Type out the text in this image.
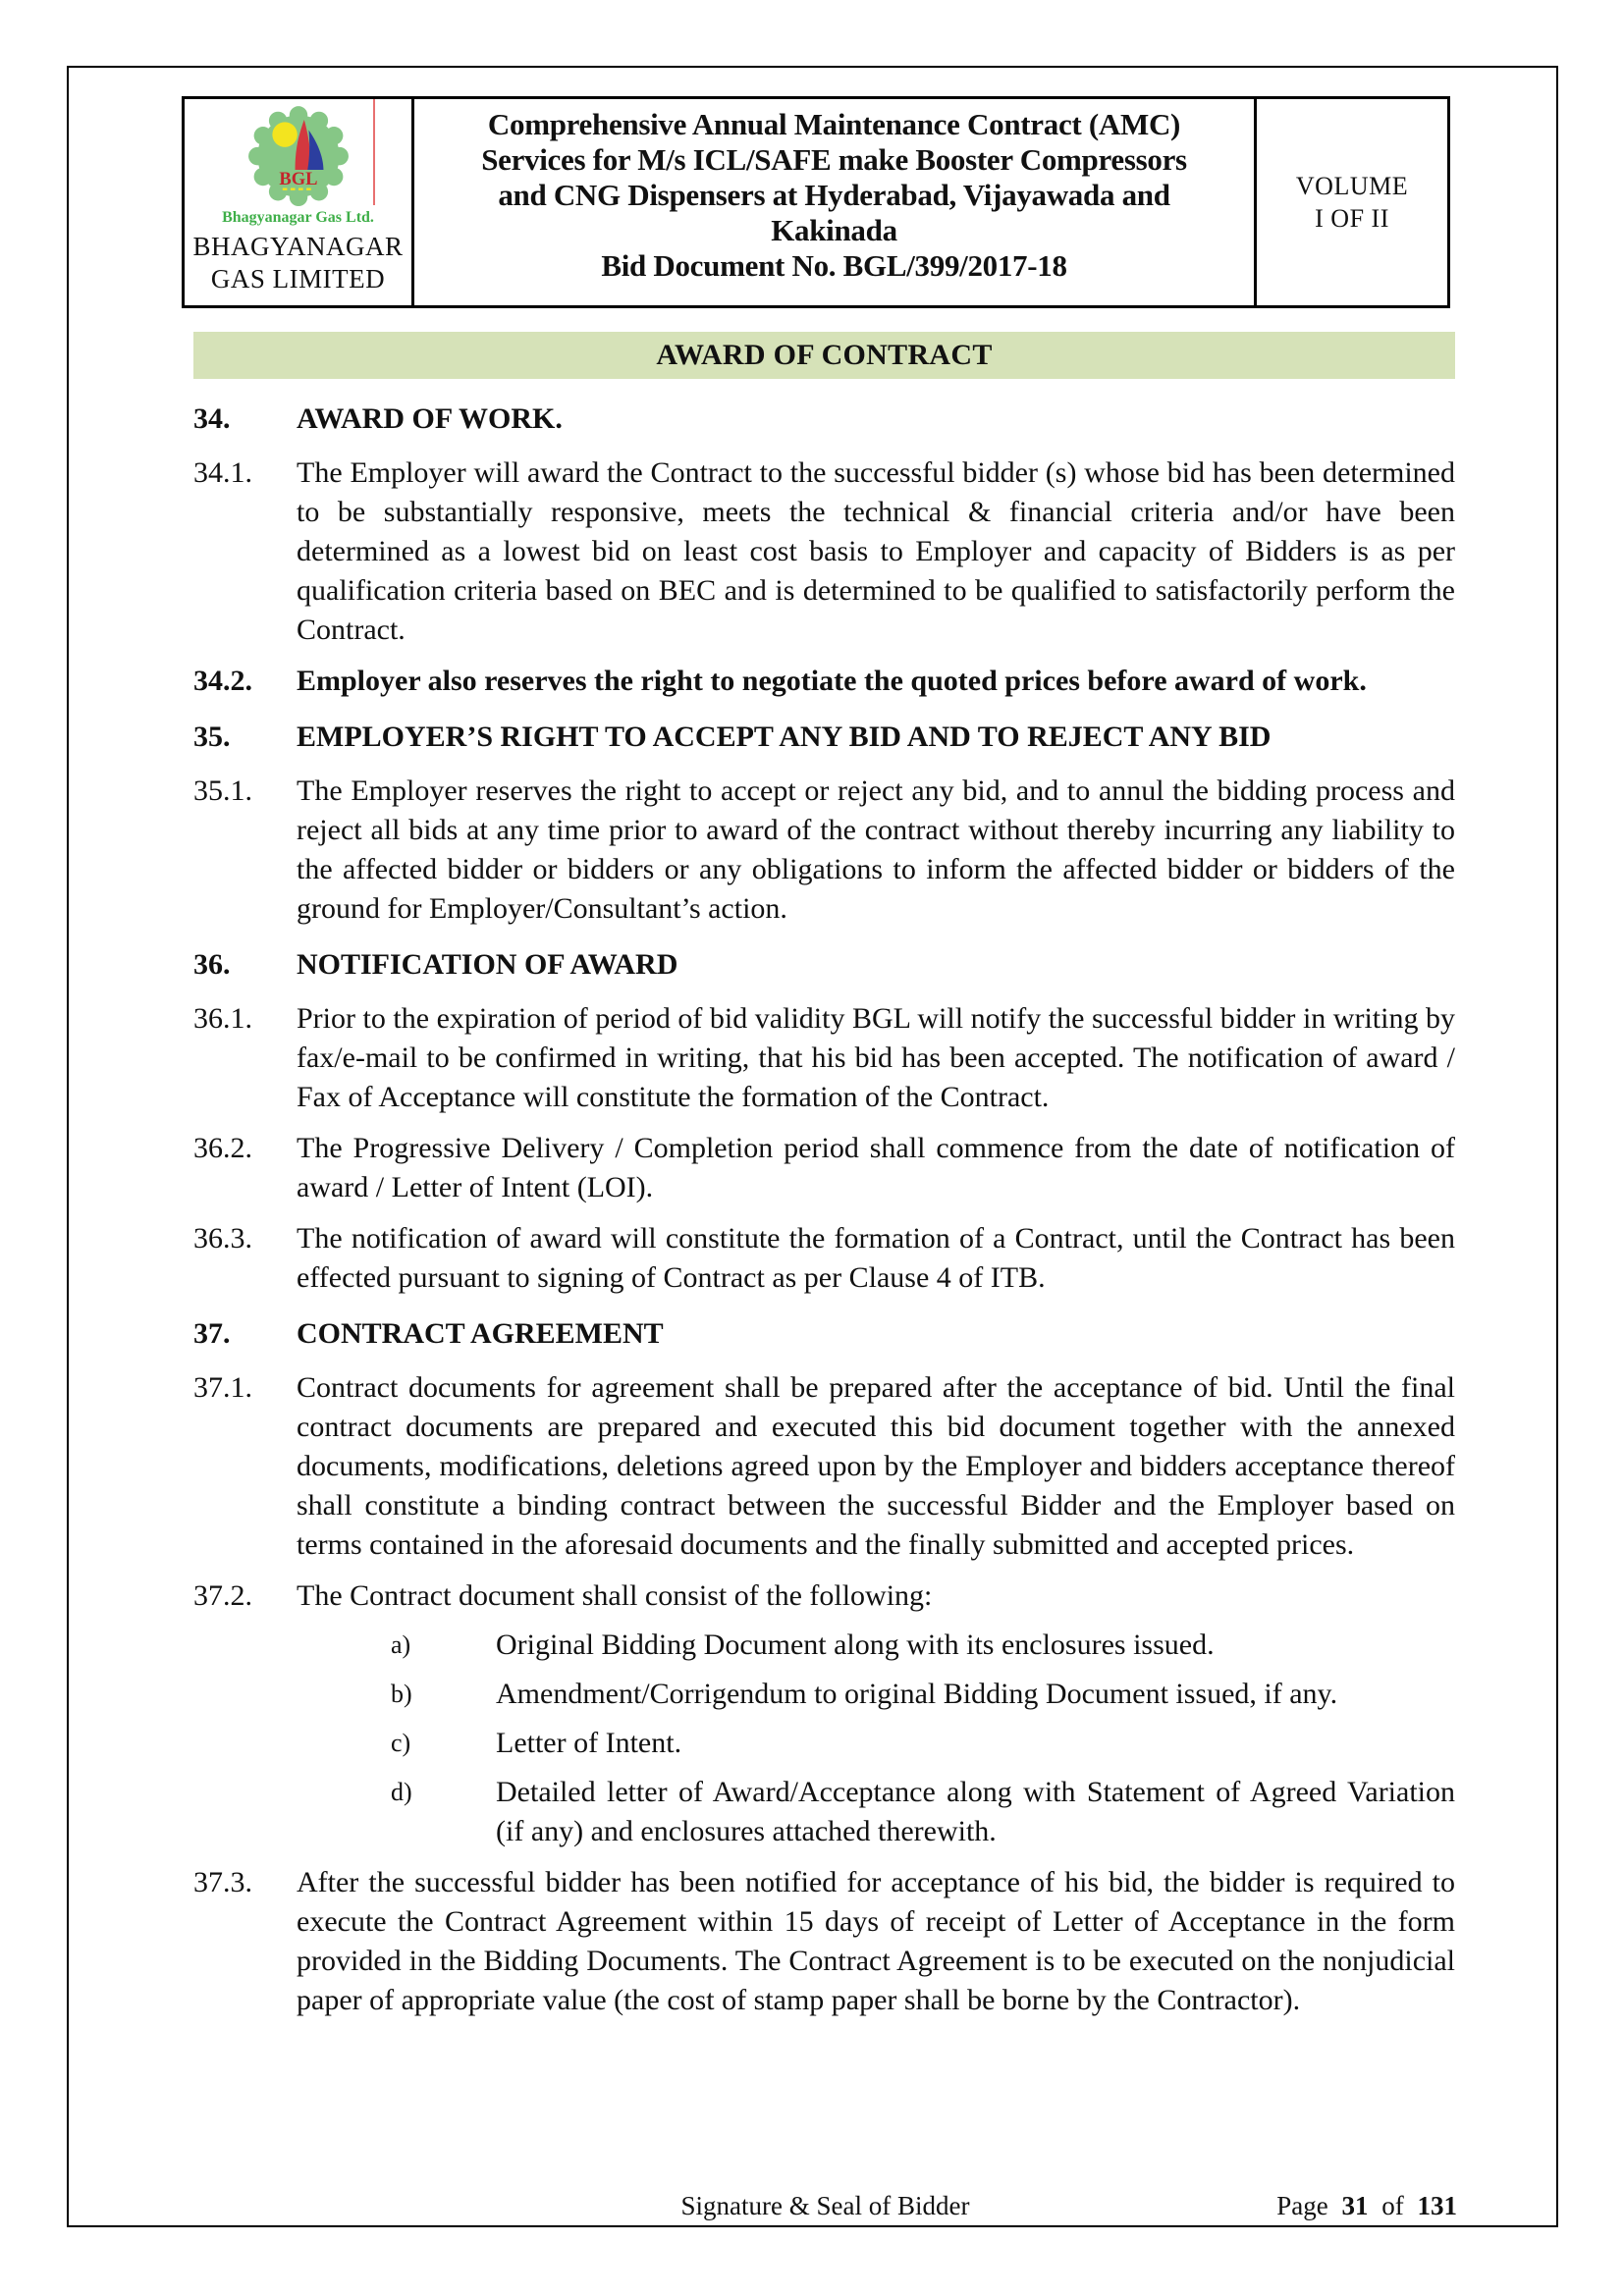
BGL
Bhagyanagar Gas Ltd.
BHAGYANAGAR
GAS LIMITED
Comprehensive Annual Maintenance Contract (AMC)
Services for M/s ICL/SAFE make Booster Compressors
and CNG Dispensers at Hyderabad, Vijayawada and
Kakinada
Bid Document No. BGL/399/2017-18
VOLUME
I OF II
AWARD OF CONTRACT
34.	AWARD OF WORK.
34.1.	The Employer will award the Contract to the successful bidder (s) whose bid has been determined to be substantially responsive, meets the technical & financial criteria and/or have been determined as a lowest bid on least cost basis to Employer and capacity of Bidders is as per qualification criteria based on BEC and is determined to be qualified to satisfactorily perform the Contract.
34.2.	Employer also reserves the right to negotiate the quoted prices before award of work.
35.	EMPLOYER’S RIGHT TO ACCEPT ANY BID AND TO REJECT ANY BID
35.1.	The Employer reserves the right to accept or reject any bid, and to annul the bidding process and reject all bids at any time prior to award of the contract without thereby incurring any liability to the affected bidder or bidders or any obligations to inform the affected bidder or bidders of the ground for Employer/Consultant’s action.
36.	NOTIFICATION OF AWARD
36.1.	Prior to the expiration of period of bid validity BGL will notify the successful bidder in writing by fax/e-mail to be confirmed in writing, that his bid has been accepted. The notification of award / Fax of Acceptance will constitute the formation of the Contract.
36.2.	The Progressive Delivery / Completion period shall commence from the date of notification of award / Letter of Intent (LOI).
36.3.	The notification of award will constitute the formation of a Contract, until the Contract has been effected pursuant to signing of Contract as per Clause 4 of ITB.
37.	CONTRACT AGREEMENT
37.1.	Contract documents for agreement shall be prepared after the acceptance of bid. Until the final contract documents are prepared and executed this bid document together with the annexed documents, modifications, deletions agreed upon by the Employer and bidders acceptance thereof shall constitute a binding contract between the successful Bidder and the Employer based on terms contained in the aforesaid documents and the finally submitted and accepted prices.
37.2.	The Contract document shall consist of the following:
a)	Original Bidding Document along with its enclosures issued.
b)	Amendment/Corrigendum to original Bidding Document issued, if any.
c)	Letter of Intent.
d)	Detailed letter of Award/Acceptance along with Statement of Agreed Variation (if any) and enclosures attached therewith.
37.3.	After the successful bidder has been notified for acceptance of his bid, the bidder is required to execute the Contract Agreement within 15 days of receipt of Letter of Acceptance in the form provided in the Bidding Documents. The Contract Agreement is to be executed on the nonjudicial paper of appropriate value (the cost of stamp paper shall be borne by the Contractor).
Signature & Seal of Bidder	Page 31 of 131
